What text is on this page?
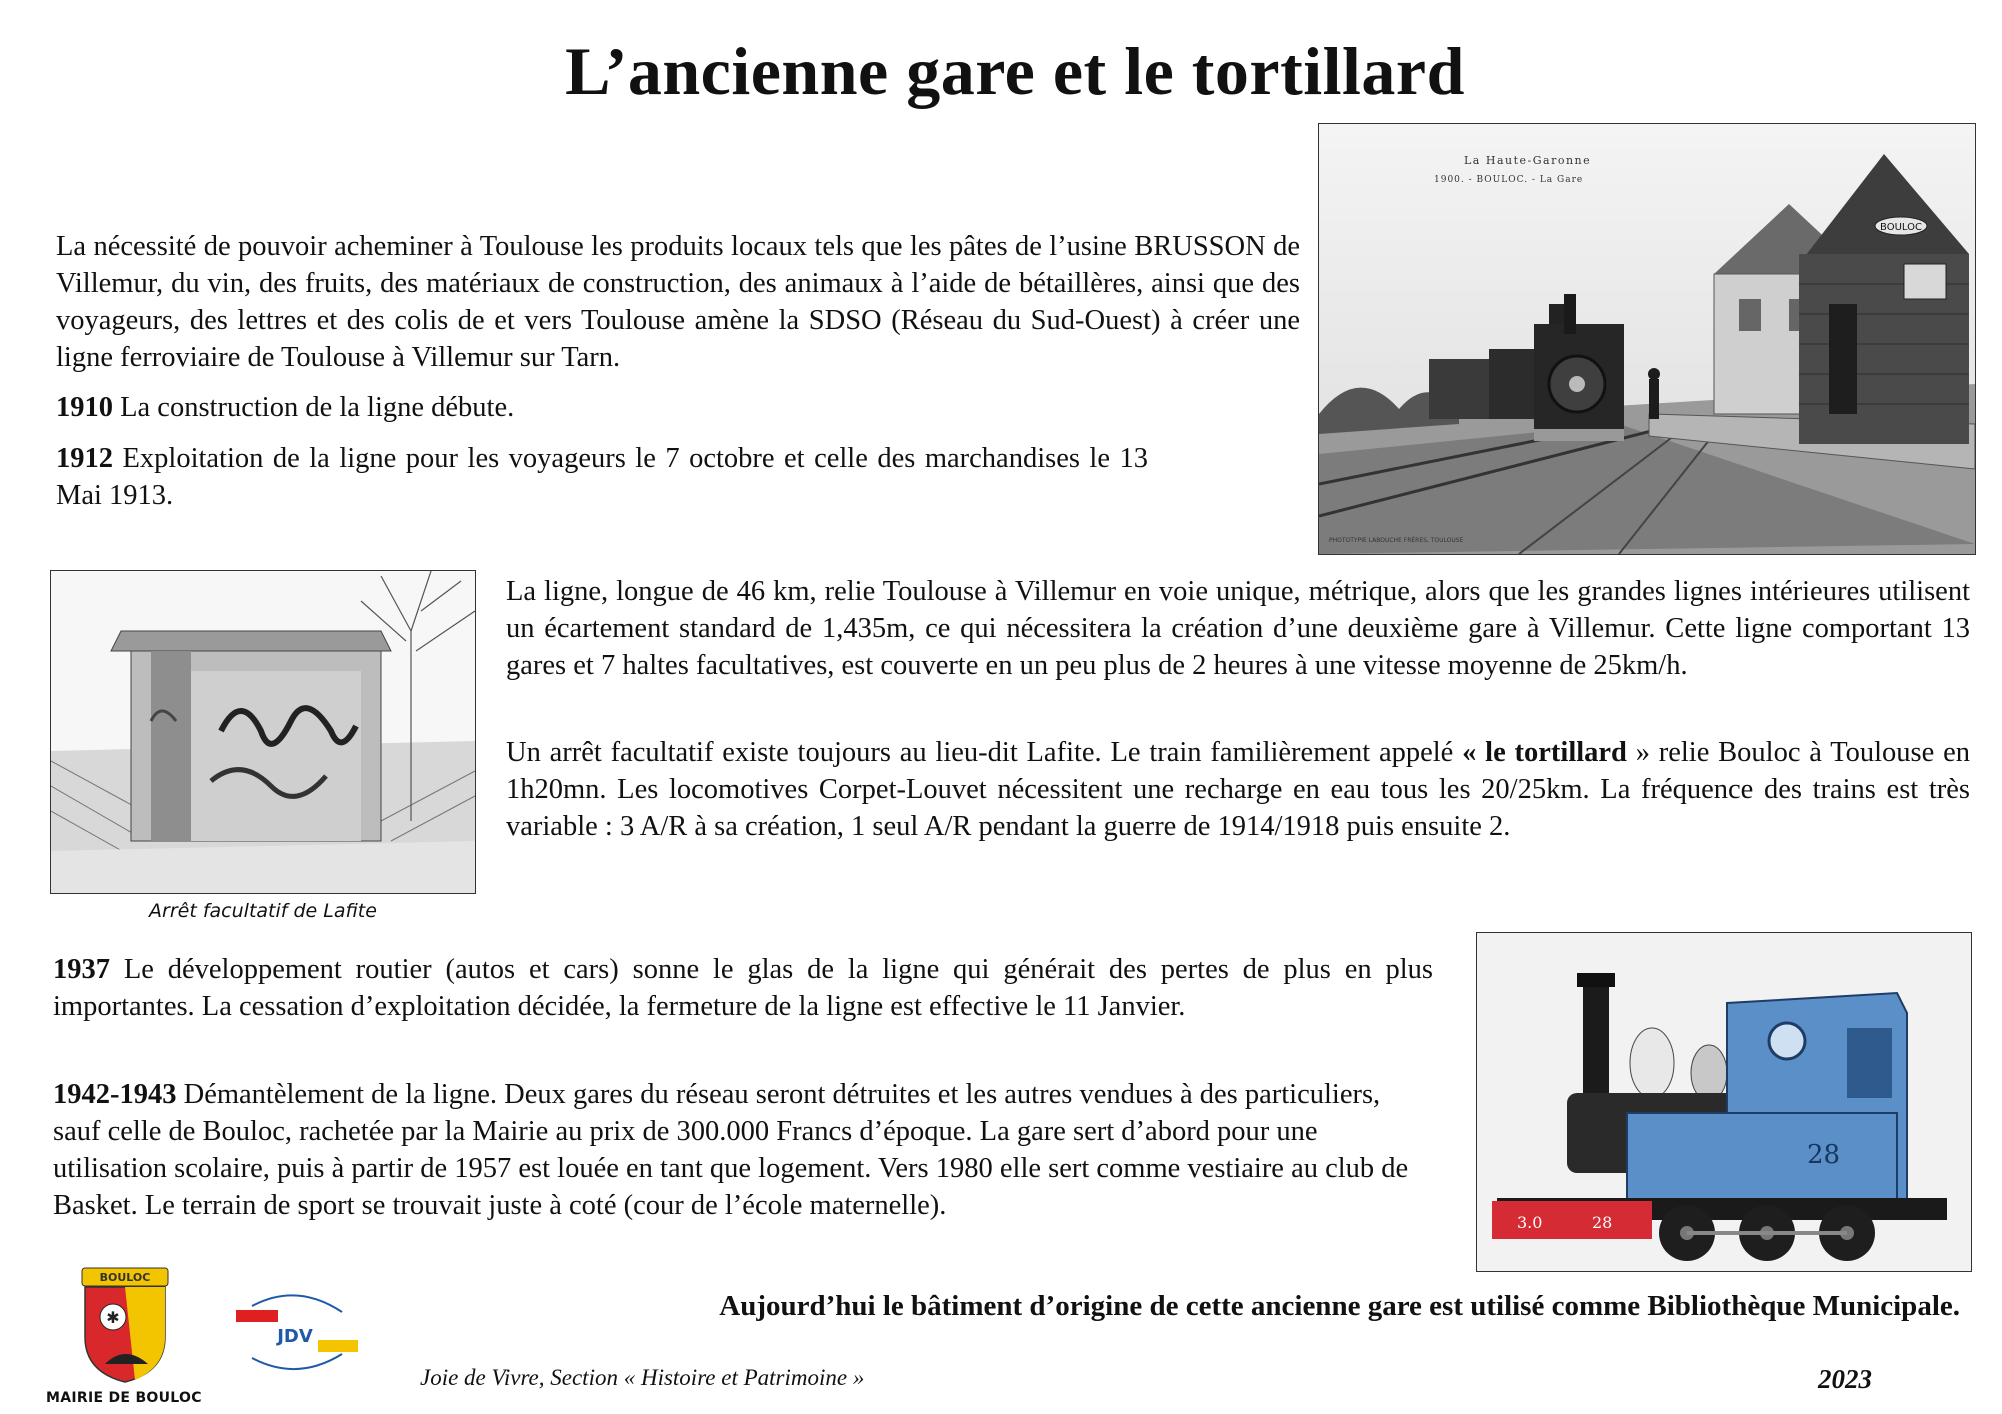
L’ancienne gare et le tortillard

La nécessité de pouvoir acheminer à Toulouse les produits locaux tels que les pâtes de l’usine BRUSSON de Villemur, du vin, des fruits, des matériaux de construction, des animaux à l’aide de bétaillères, ainsi que des voyageurs, des lettres et des colis de et vers Toulouse amène la SDSO (Réseau du Sud-Ouest) à créer une ligne ferroviaire de Toulouse à Villemur sur Tarn.

1910 La construction de la ligne débute.

1912 Exploitation de la ligne pour les voyageurs le 7 octobre et celle des marchandises le 13 Mai 1913.

BOULOC
La Haute-Garonne
1900. - BOULOC. - La Gare
PHOTOTYPIE LABOUCHE FRÈRES, TOULOUSE
Arrêt facultatif de Lafite

La ligne, longue de 46 km, relie Toulouse à Villemur en voie unique, métrique, alors que les grandes lignes intérieures utilisent un écartement standard de 1,435m, ce qui nécessitera la création d’une deuxième gare à Villemur. Cette ligne comportant 13 gares et 7 haltes facultatives, est couverte en un peu plus de 2 heures à une vitesse moyenne de 25km/h.

Un arrêt facultatif existe toujours au lieu-dit Lafite. Le train familièrement appelé « le tortillard » relie Bouloc à Toulouse en 1h20mn. Les locomotives Corpet-Louvet nécessitent une recharge en eau tous les 20/25km. La fréquence des trains est très variable : 3 A/R à sa création, 1 seul A/R pendant la guerre de 1914/1918 puis ensuite 2.

1937 Le développement routier (autos et cars) sonne le glas de la ligne qui générait des pertes de plus en plus importantes. La cessation d’exploitation décidée, la fermeture de la ligne est effective le 11 Janvier.

1942-1943 Démantèlement de la ligne. Deux gares du réseau seront détruites et les autres vendues à des particuliers, sauf celle de Bouloc, rachetée par la Mairie au prix de 300.000 Francs d’époque. La gare sert d’abord pour une utilisation scolaire, puis à partir de 1957 est louée en tant que logement. Vers 1980 elle sert comme vestiaire au club de Basket. Le terrain de sport se trouvait juste à coté (cour de l’école maternelle).

28
3.0	28
✱
BOULOC
MAIRIE DE BOULOC
JDV
Aujourd’hui le bâtiment d’origine de cette ancienne gare est utilisé comme Bibliothèque Municipale.
Joie de Vivre, Section « Histoire et Patrimoine »	2023
